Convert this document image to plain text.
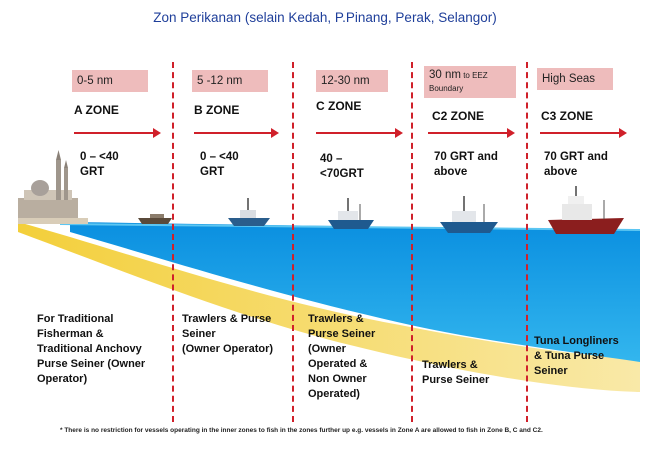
Zon Perikanan (selain Kedah, P.Pinang, Perak, Selangor)
0-5 nm
A ZONE
0 – <40
GRT
For Traditional
Fisherman &
Traditional Anchovy
Purse Seiner (Owner
Operator)
5 -12 nm
B ZONE
0 – <40
GRT
Trawlers & Purse
Seiner
(Owner Operator)
12-30 nm
C ZONE
40 –
<70GRT
Trawlers &
Purse Seiner
(Owner
Operated &
Non Owner
Operated)
30 nm to EEZ
Boundary
C2 ZONE
70 GRT and
above
Trawlers &
Purse Seiner
High Seas
C3 ZONE
70 GRT and
above
Tuna Longliners
& Tuna Purse
Seiner
* There is no restriction for vessels operating in the inner zones to fish in the zones further up e.g. vessels in Zone A are allowed to fish in Zone B, C and C2.
